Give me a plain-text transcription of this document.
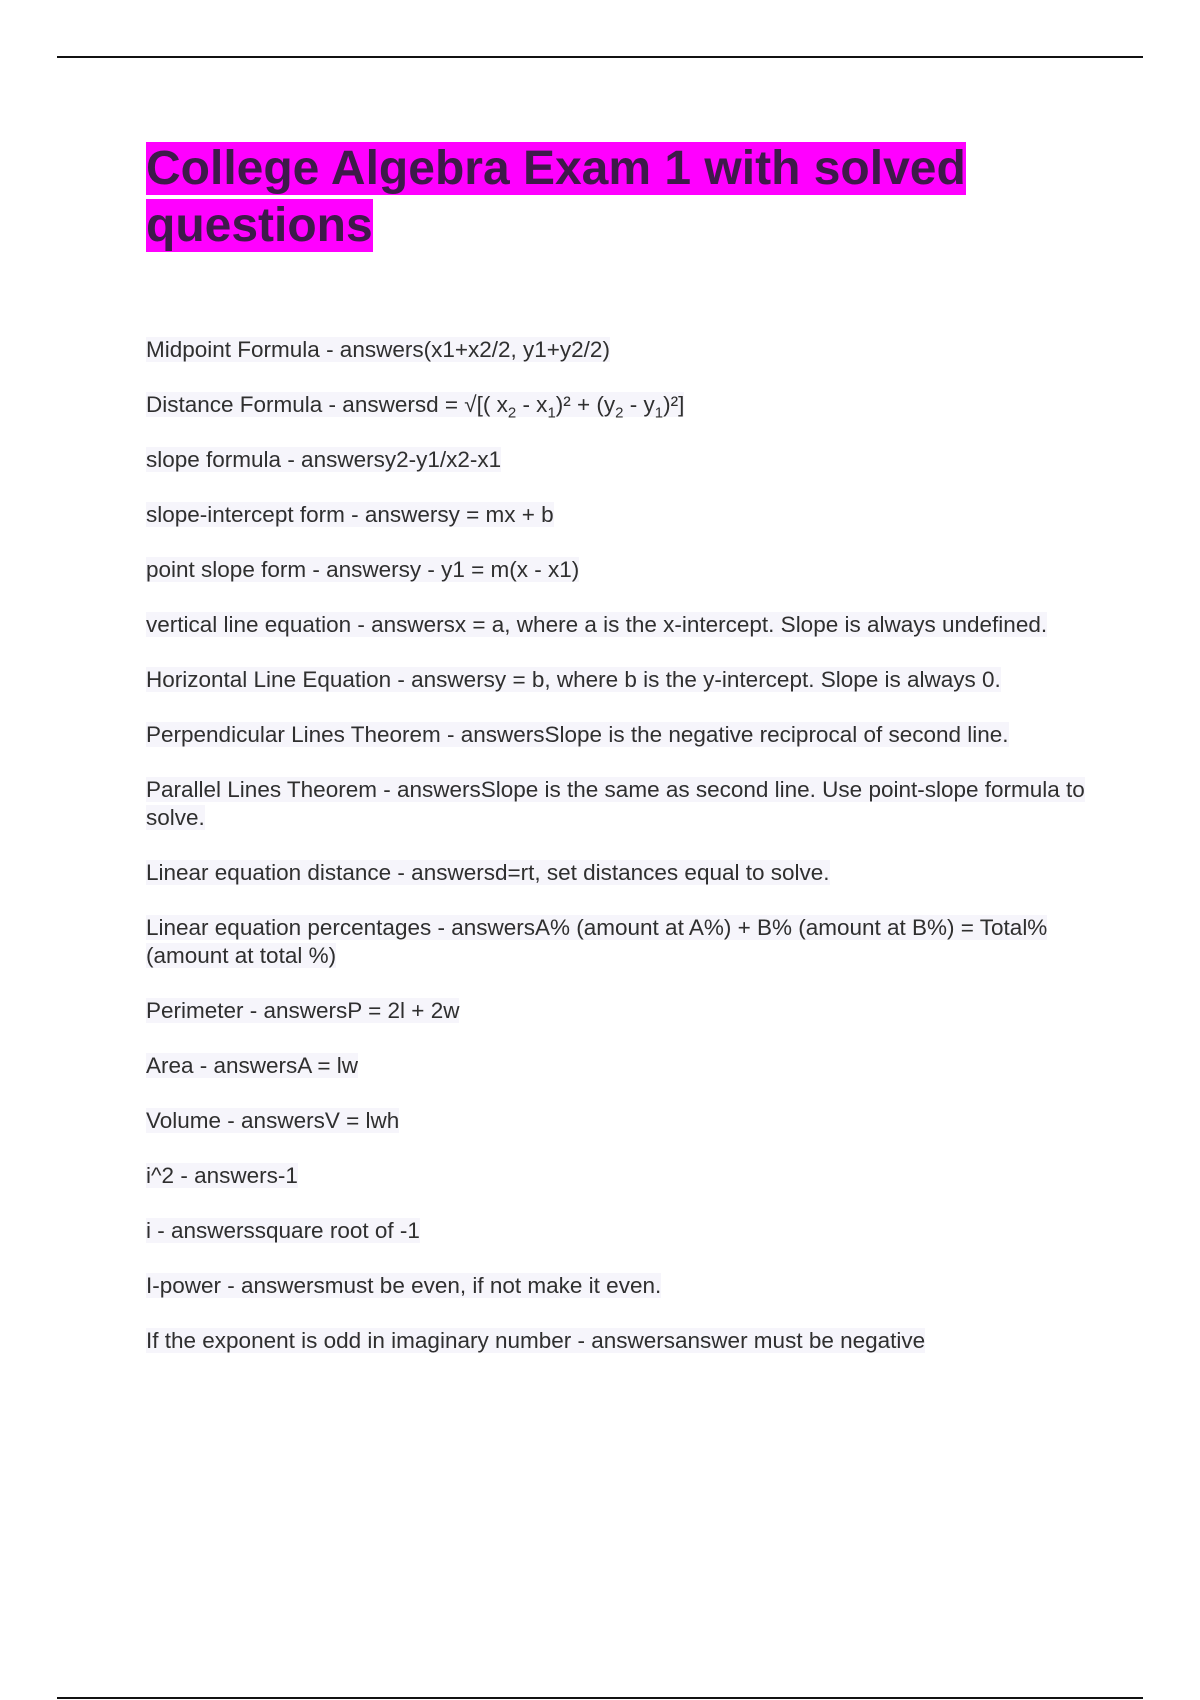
College Algebra Exam 1 with solved questions
Midpoint Formula - answers(x1+x2/2, y1+y2/2)
Distance Formula - answersd = √[( $x_2 - x_1)^2 + (y_2 - y_1)^2$]
slope formula - answersy2-y1/x2-x1
slope-intercept form - answersy = mx + b
point slope form - answersy - y1 = m(x - x1)
vertical line equation - answersx = a, where a is the x-intercept. Slope is always undefined.
Horizontal Line Equation - answersy = b, where b is the y-intercept. Slope is always 0.
Perpendicular Lines Theorem - answersSlope is the negative reciprocal of second line.
Parallel Lines Theorem - answersSlope is the same as second line. Use point-slope formula to solve.
Linear equation distance - answersd=rt, set distances equal to solve.
Linear equation percentages - answersA% (amount at A%) + B% (amount at B%) = Total% (amount at total %)
Perimeter - answersP = 2l + 2w
Area - answersA = lw
Volume - answersV = lwh
i^2 - answers-1
i - answerssquare root of -1
I-power - answersmust be even, if not make it even.
If the exponent is odd in imaginary number - answersanswer must be negative
